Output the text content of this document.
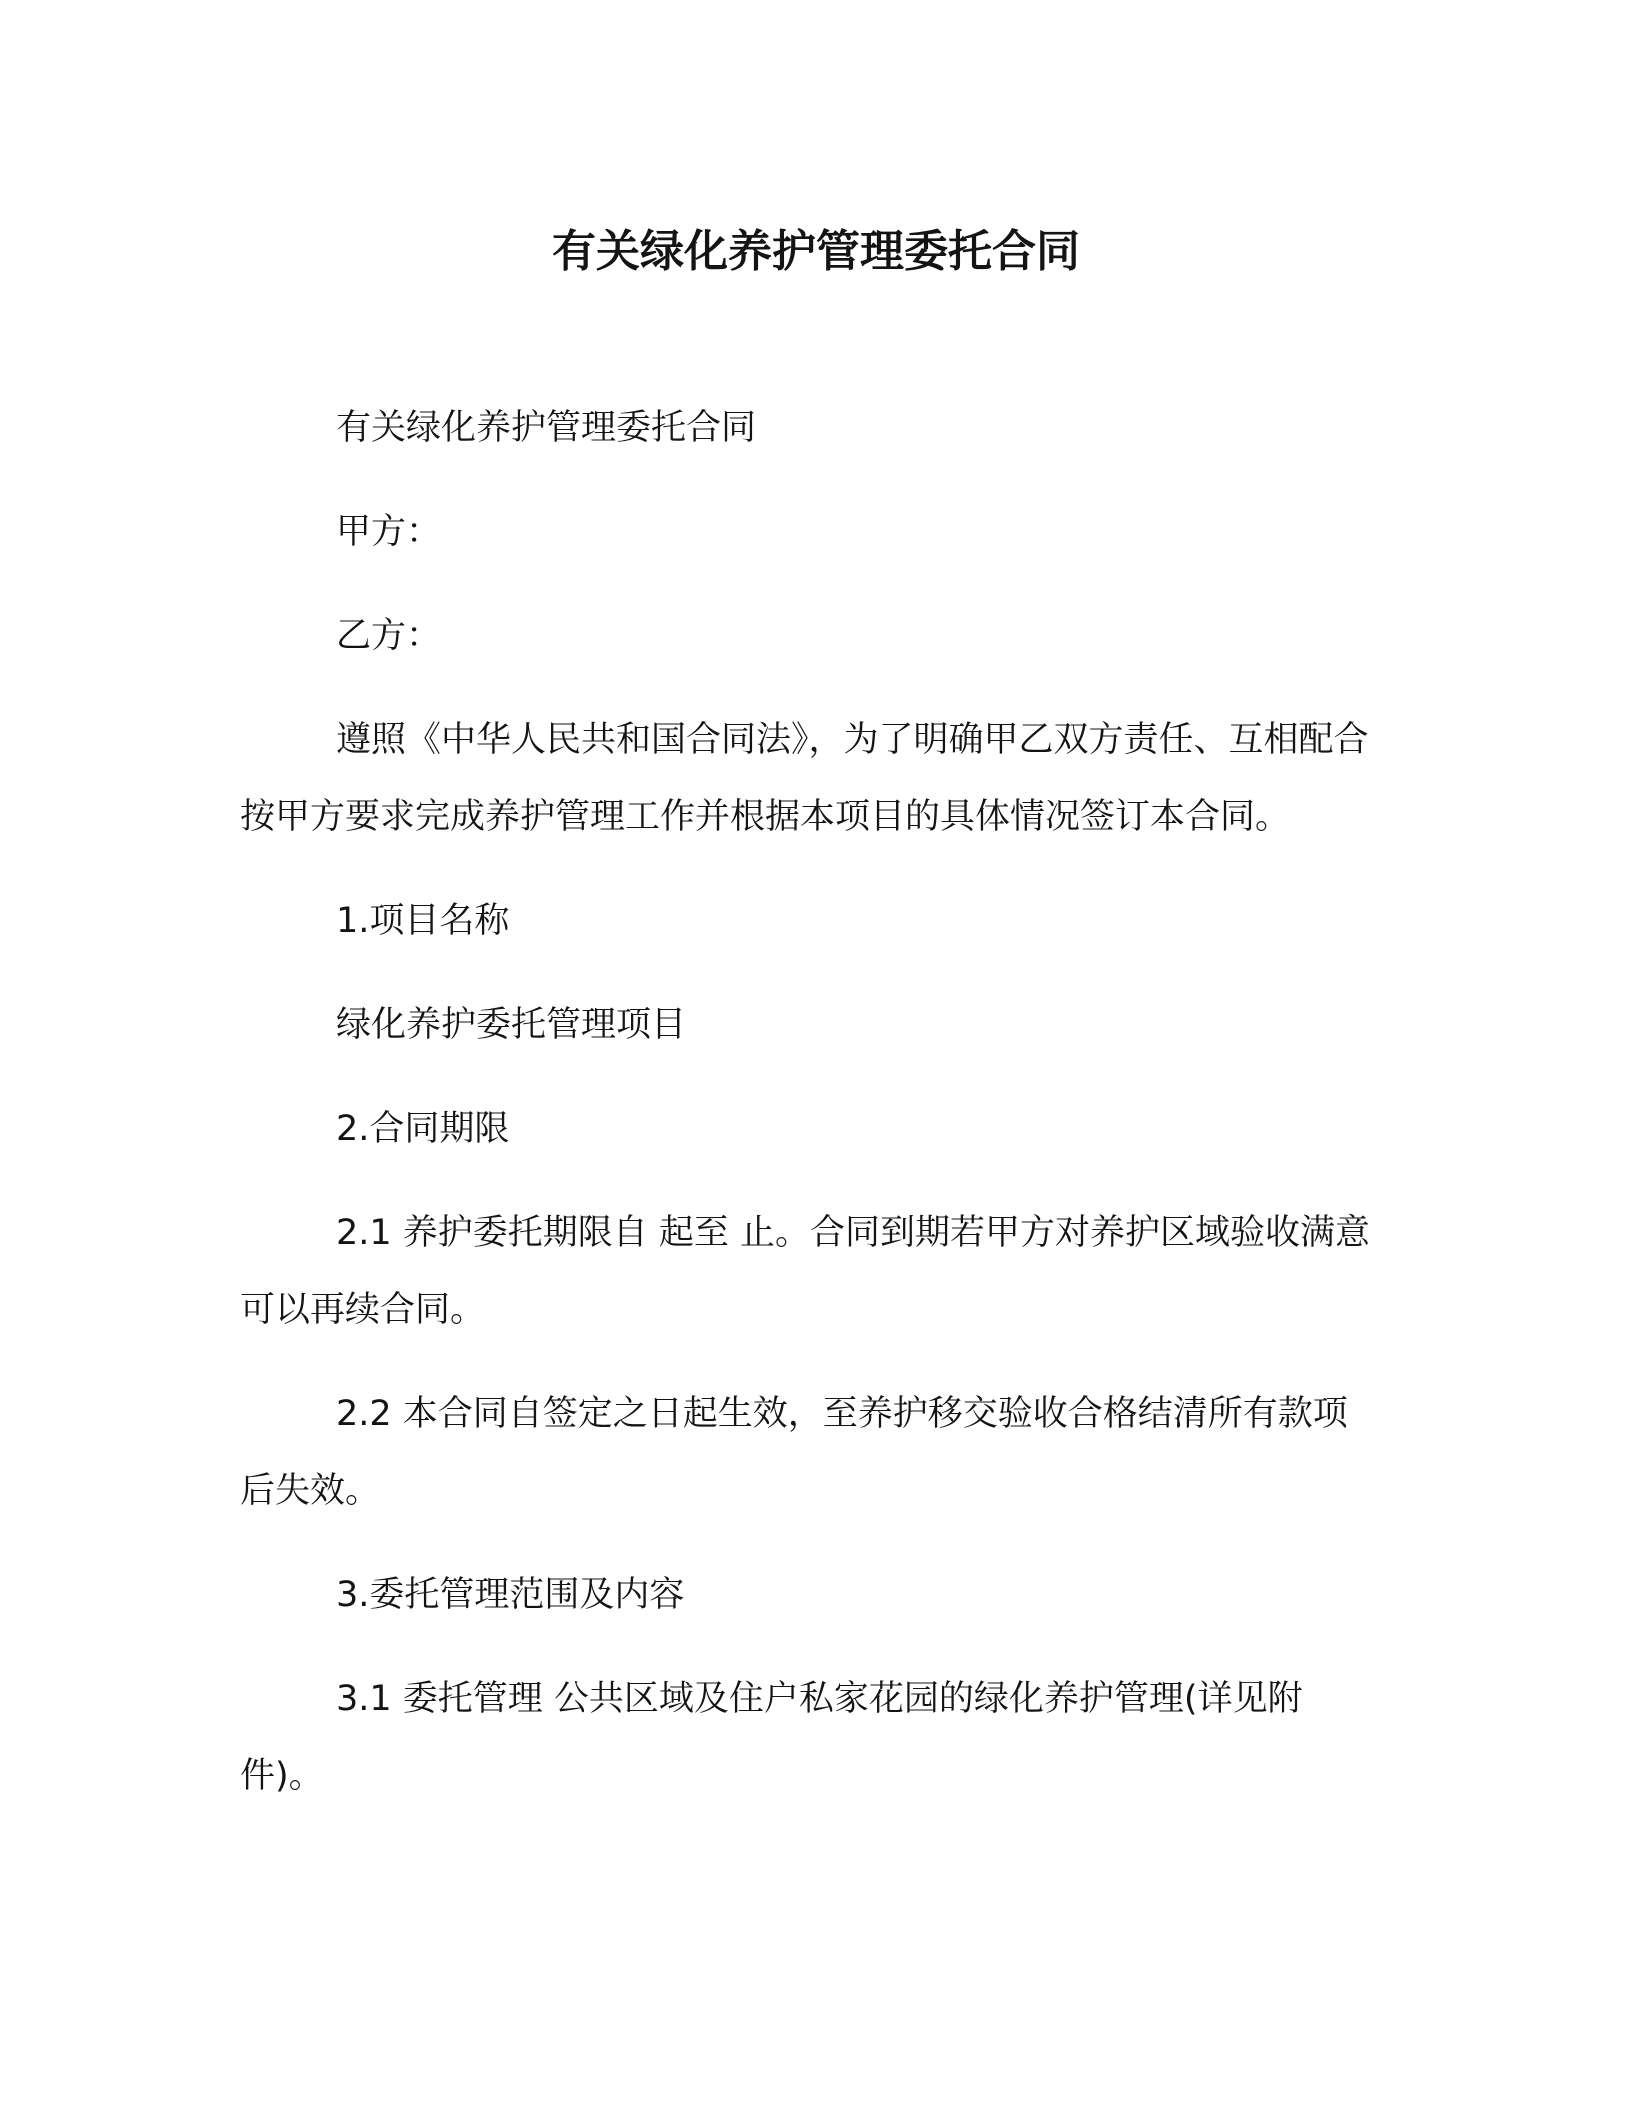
有关绿化养护管理委托合同

有关绿化养护管理委托合同

甲方：

乙方：

遵照《中华人民共和国合同法》，为了明确甲乙双方责任、互相配合按甲方要求完成养护管理工作并根据本项目的具体情况签订本合同。

1.项目名称

绿化养护委托管理项目

2.合同期限

2.1 养护委托期限自 起至 止。合同到期若甲方对养护区域验收满意可以再续合同。

2.2 本合同自签定之日起生效，至养护移交验收合格结清所有款项后失效。

3.委托管理范围及内容

3.1 委托管理 公共区域及住户私家花园的绿化养护管理(详见附件)。
